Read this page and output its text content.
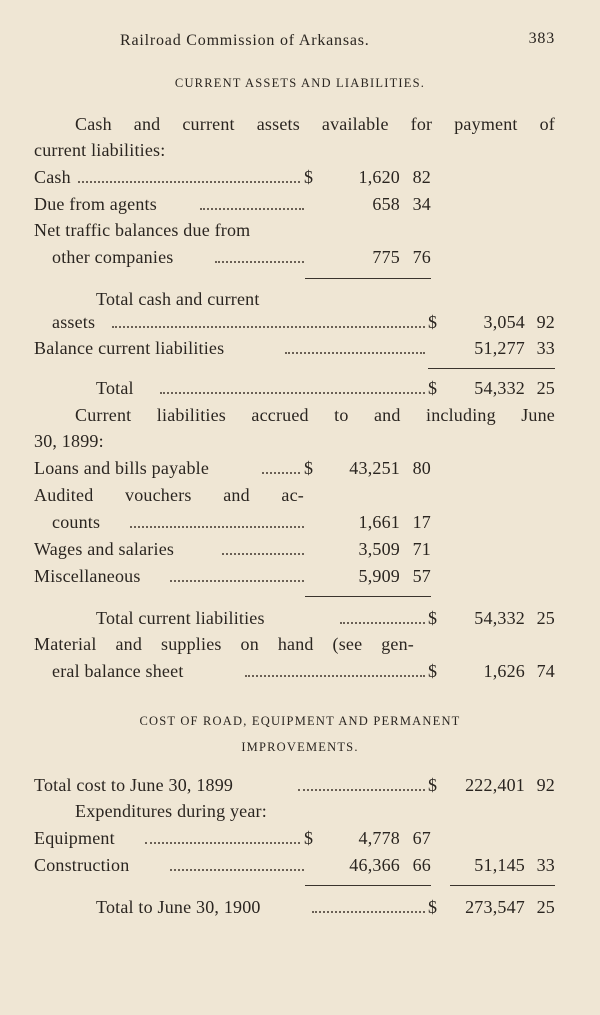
Railroad Commission of Arkansas.	383
CURRENT ASSETS AND LIABILITIES.
Cash and current assets available for payment of
current liabilities:
Cash	$	1,620 82
Due from agents	658 34
Net traffic balances due from
other companies	775 76
Total cash and current
assets	$	3,054 92
Balance current liabilities	51,277 33
Total	$	54,332 25
Current liabilities accrued to and including June
30, 1899:
Loans and bills payable	$	43,251 80
Audited vouchers and ac-
counts	1,661 17
Wages and salaries	3,509 71
Miscellaneous	5,909 57
Total current liabilities	$	54,332 25
Material and supplies on hand (see gen-
eral balance sheet	$	1,626 74
COST OF ROAD, EQUIPMENT AND PERMANENT
IMPROVEMENTS.
Total cost to June 30, 1899	$	222,401 92
Expenditures during year:
Equipment	$	4,778 67
Construction	46,366 66	51,145 33
Total to June 30, 1900	$	273,547 25
